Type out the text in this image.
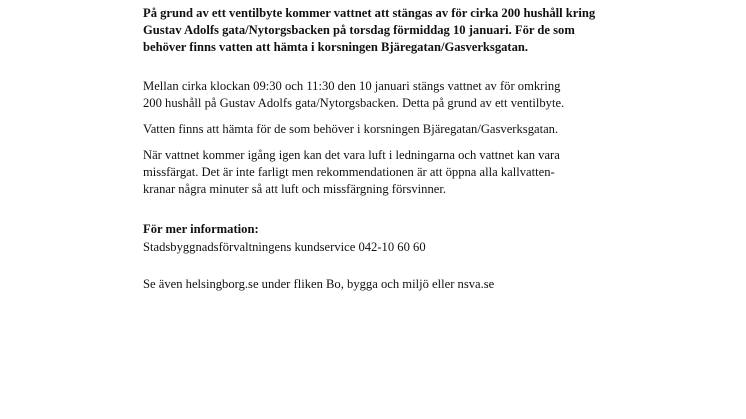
På grund av ett ventilbyte kommer vattnet att stängas av för cirka 200 hushåll kring
Gustav Adolfs gata/Nytorgsbacken på torsdag förmiddag 10 januari. För de som
behöver finns vatten att hämta i korsningen Bjäregatan/Gasverksgatan.

Mellan cirka klockan 09:30 och 11:30 den 10 januari stängs vattnet av för omkring
200 hushåll på Gustav Adolfs gata/Nytorgsbacken. Detta på grund av ett ventilbyte.

Vatten finns att hämta för de som behöver i korsningen Bjäregatan/Gasverksgatan.

När vattnet kommer igång igen kan det vara luft i ledningarna och vattnet kan vara
missfärgat. Det är inte farligt men rekommendationen är att öppna alla kallvatten-
kranar några minuter så att luft och missfärgning försvinner.

För mer information:

Stadsbyggnadsförvaltningens kundservice 042-10 60 60

Se även helsingborg.se under fliken Bo, bygga och miljö eller nsva.se
